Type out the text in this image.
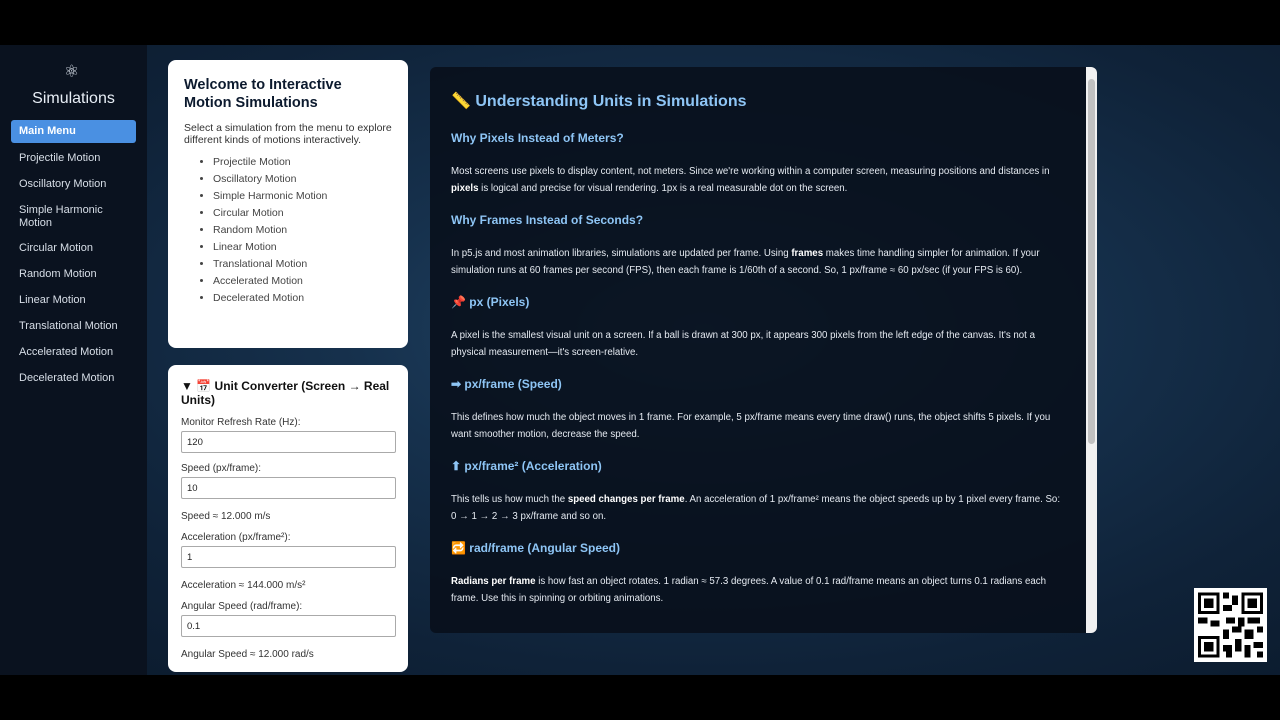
⚛
Simulations
Main Menu
Projectile Motion
Oscillatory Motion
Simple Harmonic Motion
Circular Motion
Random Motion
Linear Motion
Translational Motion
Accelerated Motion
Decelerated Motion
Welcome to Interactive Motion Simulations

Select a simulation from the menu to explore different kinds of motions interactively.

• Projectile Motion
• Oscillatory Motion
• Simple Harmonic Motion
• Circular Motion
• Random Motion
• Linear Motion
• Translational Motion
• Accelerated Motion
• Decelerated Motion
▼ 📅 Unit Converter (Screen → Real Units)
Monitor Refresh Rate (Hz):
120
Speed (px/frame):
10
Speed ≈ 12.000 m/s
Acceleration (px/frame²):
1
Acceleration ≈ 144.000 m/s²
Angular Speed (rad/frame):
0.1
Angular Speed ≈ 12.000 rad/s
📏 Understanding Units in Simulations
Why Pixels Instead of Meters?

Most screens use pixels to display content, not meters. Since we're working within a computer screen, measuring positions and distances in pixels is logical and precise for visual rendering. 1px is a real measurable dot on the screen.

Why Frames Instead of Seconds?

In p5.js and most animation libraries, simulations are updated per frame. Using frames makes time handling simpler for animation. If your simulation runs at 60 frames per second (FPS), then each frame is 1/60th of a second. So, 1 px/frame ≈ 60 px/sec (if your FPS is 60).

📌 px (Pixels)

A pixel is the smallest visual unit on a screen. If a ball is drawn at 300 px, it appears 300 pixels from the left edge of the canvas. It's not a physical measurement—it's screen-relative.

➡ px/frame (Speed)

This defines how much the object moves in 1 frame. For example, 5 px/frame means every time draw() runs, the object shifts 5 pixels. If you want smoother motion, decrease the speed.

⬆ px/frame² (Acceleration)

This tells us how much the speed changes per frame. An acceleration of 1 px/frame² means the object speeds up by 1 pixel every frame. So: 0 → 1 → 2 → 3 px/frame and so on.

🔁 rad/frame (Angular Speed)

Radians per frame is how fast an object rotates. 1 radian ≈ 57.3 degrees. A value of 0.1 rad/frame means an object turns 0.1 radians each frame. Use this in spinning or orbiting animations.
